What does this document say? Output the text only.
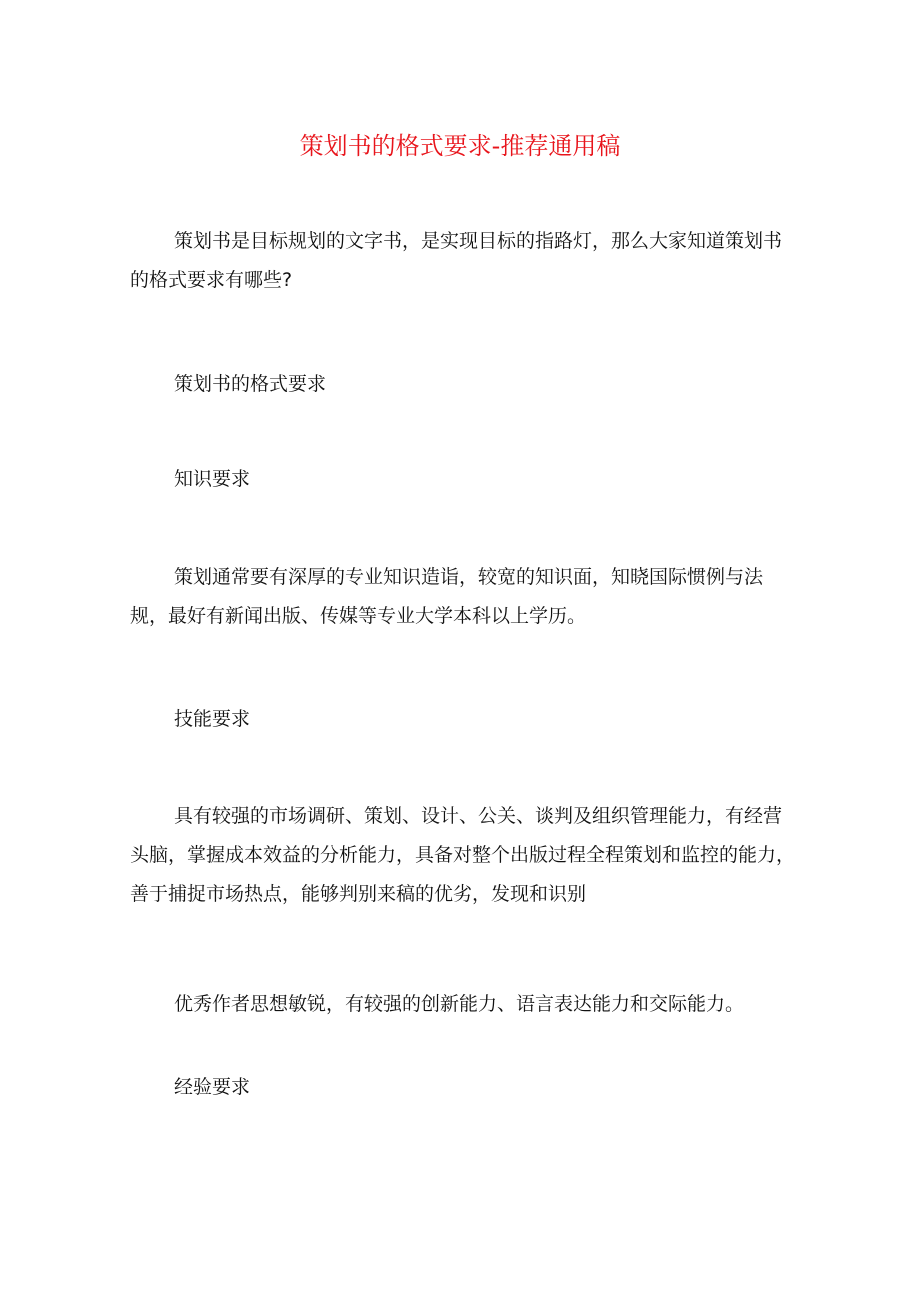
策划书的格式要求-推荐通用稿

策划书是目标规划的文字书，是实现目标的指路灯，那么大家知道策划书的格式要求有哪些?

策划书的格式要求

知识要求

策划通常要有深厚的专业知识造诣，较宽的知识面，知晓国际惯例与法规，最好有新闻出版、传媒等专业大学本科以上学历。

技能要求

具有较强的市场调研、策划、设计、公关、谈判及组织管理能力，有经营头脑，掌握成本效益的分析能力，具备对整个出版过程全程策划和监控的能力，善于捕捉市场热点，能够判别来稿的优劣，发现和识别

优秀作者思想敏锐，有较强的创新能力、语言表达能力和交际能力。

经验要求
